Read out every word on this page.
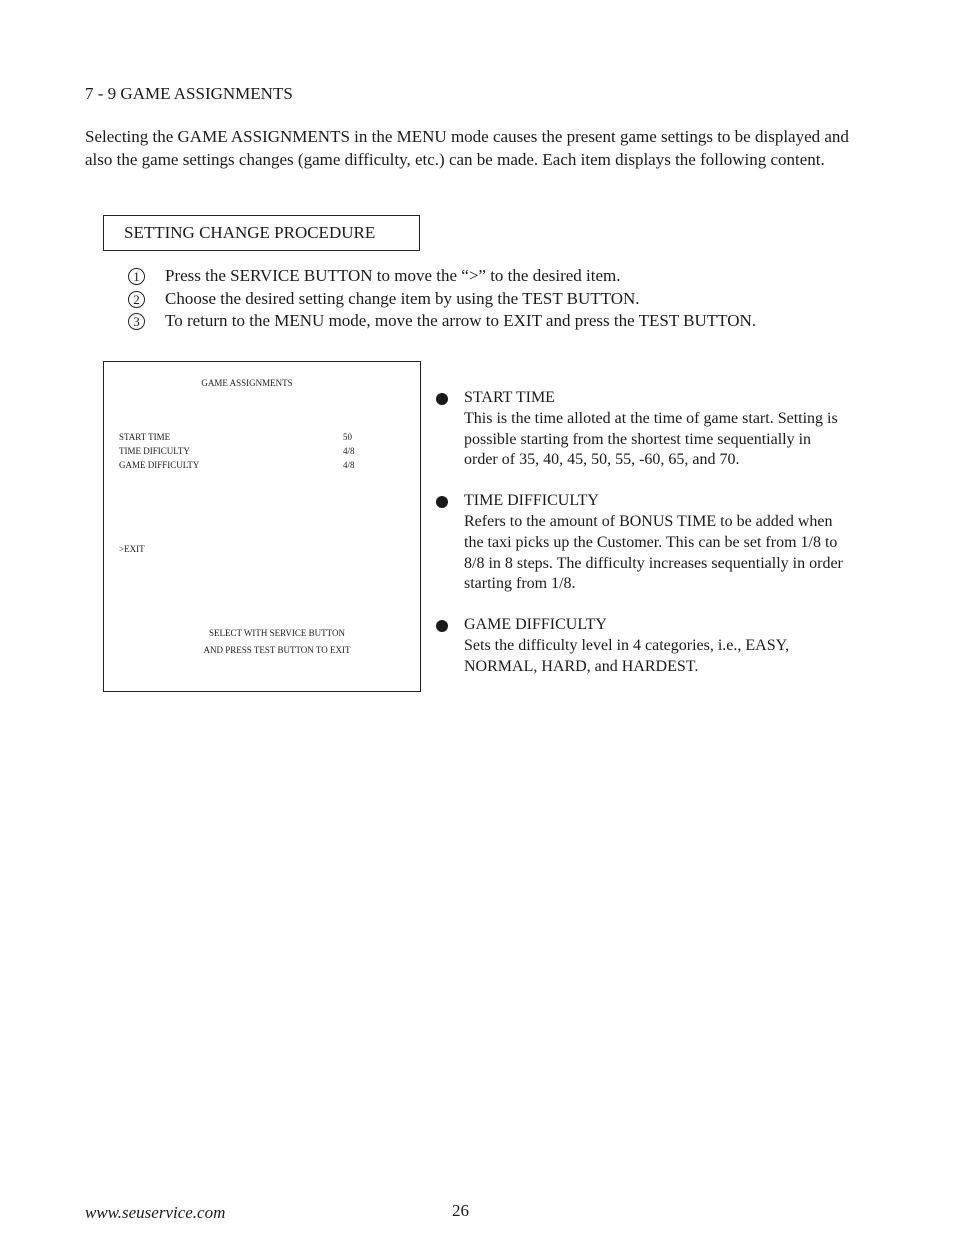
7 - 9 GAME ASSIGNMENTS
Selecting the GAME ASSIGNMENTS in the MENU mode causes the present game settings to be displayed and also the game settings changes (game difficulty, etc.) can be made. Each item displays the following content.
SETTING CHANGE PROCEDURE
1	Press the SERVICE BUTTON to move the “>” to the desired item.
2	Choose the desired setting change item by using the TEST BUTTON.
3	To return to the MENU mode, move the arrow to EXIT and press the TEST BUTTON.
GAME ASSIGNMENTS
START TIME	50
TIME DIFICULTY	4/8
GAME DIFFICULTY	4/8
>EXIT
SELECT WITH SERVICE BUTTON
AND PRESS TEST BUTTON TO EXIT
START TIME
This is the time alloted at the time of game start. Setting is possible starting from the shortest time sequentially in order of 35, 40, 45, 50, 55, -60, 65, and 70.
TIME DIFFICULTY
Refers to the amount of BONUS TIME to be added when the taxi picks up the Customer. This can be set from 1/8 to 8/8 in 8 steps. The difficulty increases sequentially in order starting from 1/8.
GAME DIFFICULTY
Sets the difficulty level in 4 categories, i.e., EASY, NORMAL, HARD, and HARDEST.
www.seuservice.com	26
